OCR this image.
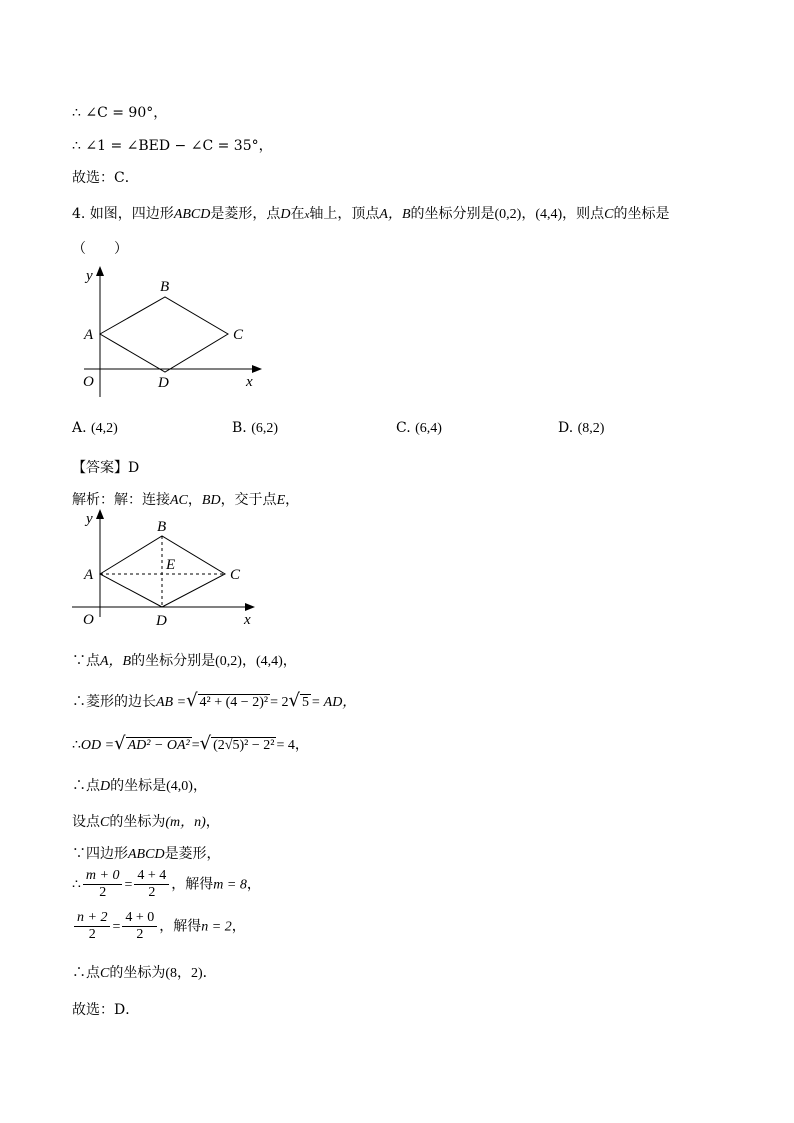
∴ ∠C = 90°，
∴ ∠1 = ∠BED − ∠C = 35°，
故选：C．
4. 如图，四边形ABCD是菱形，点D在x轴上，顶点A，B的坐标分别是(0,2)，(4,4)，则点C的坐标是
（　　）
y
B
A	C
O	D	x
A. (4,2)	B. (6,2)	C. (6,4)	D. (8,2)
【答案】D
解析：解：连接AC，BD，交于点E，
y	B
A	C
E
O	D	x
∵点A，B的坐标分别是(0,2)，(4,4)，
∴菱形的边长AB =√ 4² + (4 − 2)² = 2√ 5 = AD，
∴OD =√ AD² − OA² =√ (2√5)² − 2² = 4，
∴点D的坐标是(4,0)，
设点C的坐标为(m，n)，
∵四边形ABCD是菱形，
∴ $\frac{m + 0}{2} = \frac{4 + 4}{2}$ ，解得m = 8，
$\frac{n + 2}{2} = \frac{4 + 0}{2}$ ，解得n = 2，
∴点C的坐标为(8，2)．
故选：D．
